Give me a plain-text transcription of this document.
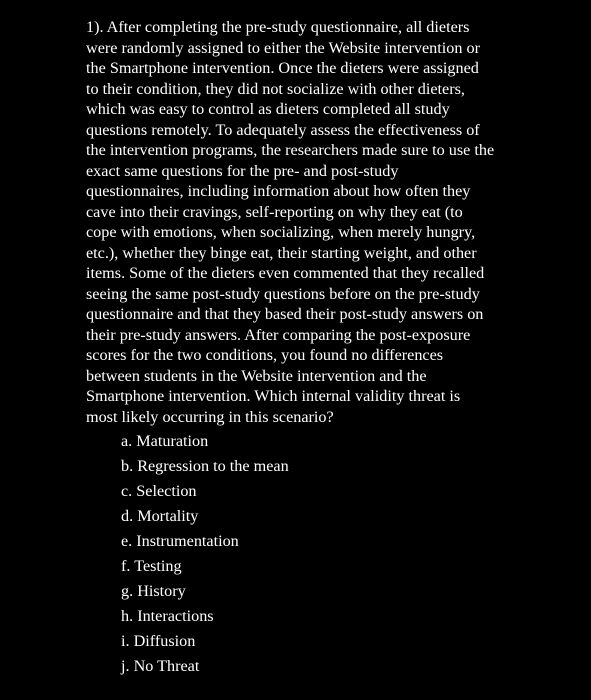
1). After completing the pre-study questionnaire, all dieters
were randomly assigned to either the Website intervention or
the Smartphone intervention. Once the dieters were assigned
to their condition, they did not socialize with other dieters,
which was easy to control as dieters completed all study
questions remotely. To adequately assess the effectiveness of
the intervention programs, the researchers made sure to use the
exact same questions for the pre- and post-study
questionnaires, including information about how often they
cave into their cravings, self-reporting on why they eat (to
cope with emotions, when socializing, when merely hungry,
etc.), whether they binge eat, their starting weight, and other
items. Some of the dieters even commented that they recalled
seeing the same post-study questions before on the pre-study
questionnaire and that they based their post-study answers on
their pre-study answers. After comparing the post-exposure
scores for the two conditions, you found no differences
between students in the Website intervention and the
Smartphone intervention. Which internal validity threat is
most likely occurring in this scenario?

a. Maturation
b. Regression to the mean
c. Selection
d. Mortality
e. Instrumentation
f. Testing
g. History
h. Interactions
i. Diffusion
j. No Threat
